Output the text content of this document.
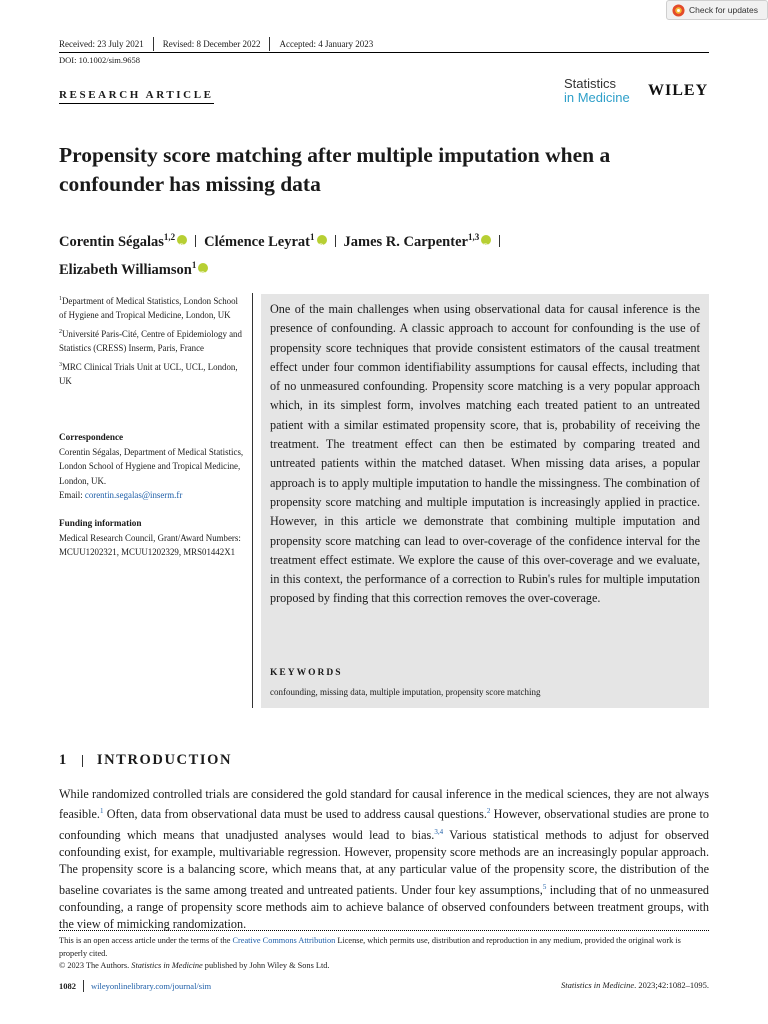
Check for updates
Received: 23 July 2021 Revised: 8 December 2022 Accepted: 4 January 2023
DOI: 10.1002/sim.9658
RESEARCH ARTICLE
Statistics
in Medicine WILEY
Propensity score matching after multiple imputation when a confounder has missing data
Corentin Ségalas$^{1,2}$ iD Clémence Leyrat$^1$ iD James R. Carpenter$^{1,3}$iD
Elizabeth Williamson$^1$iD
$^1$Department of Medical Statistics, London School of Hygiene and Tropical Medicine, London, UK
$^2$Université Paris-Cité, Centre of Epidemiology and Statistics (CRESS) Inserm, Paris, France
$^3$MRC Clinical Trials Unit at UCL, UCL, London, UK
Correspondence
Corentin Ségalas, Department of Medical Statistics, London School of Hygiene and Tropical Medicine, London, UK.
Email: corentin.segalas@inserm.fr
Funding information
Medical Research Council, Grant/Award Numbers: MCUU1202321, MCUU1202329, MRS01442X1
One of the main challenges when using observational data for causal inference is the presence of confounding. A classic approach to account for confounding is the use of propensity score techniques that provide consistent estimators of the causal treatment effect under four common identifiability assumptions for causal effects, including that of no unmeasured confounding. Propensity score matching is a very popular approach which, in its simplest form, involves matching each treated patient to an untreated patient with a similar estimated propensity score, that is, probability of receiving the treatment. The treatment effect can then be estimated by comparing treated and untreated patients within the matched dataset. When missing data arises, a popular approach is to apply multiple imputation to handle the missingness. The combination of propensity score matching and multiple imputation is increasingly applied in practice. However, in this article we demonstrate that combining multiple imputation and propensity score matching can lead to over-coverage of the confidence interval for the treatment effect estimate. We explore the cause of this over-coverage and we evaluate, in this context, the performance of a correction to Rubin's rules for multiple imputation proposed by finding that this correction removes the over-coverage.
KEYWORDS
confounding, missing data, multiple imputation, propensity score matching
1 INTRODUCTION
While randomized controlled trials are considered the gold standard for causal inference in the medical sciences, they are not always feasible.$^1$ Often, data from observational data must be used to address causal questions.$^2$ However, observational studies are prone to confounding which means that unadjusted analyses would lead to bias.$^{3,4}$ Various statistical methods to adjust for observed confounding exist, for example, multivariable regression. However, propensity score methods are an increasingly popular approach. The propensity score is a balancing score, which means that, at any particular value of the propensity score, the distribution of the baseline covariates is the same among treated and untreated patients. Under four key assumptions,$^5$ including that of no unmeasured confounding, a range of propensity score methods aim to achieve balance of observed confounders between treatment groups, with the view of mimicking randomization.
This is an open access article under the terms of the Creative Commons Attribution License, which permits use, distribution and reproduction in any medium, provided the original work is properly cited.
© 2023 The Authors. Statistics in Medicine published by John Wiley & Sons Ltd.
1082 wileyonlinelibrary.com/journal/sim	Statistics in Medicine. 2023;42:1082–1095.
